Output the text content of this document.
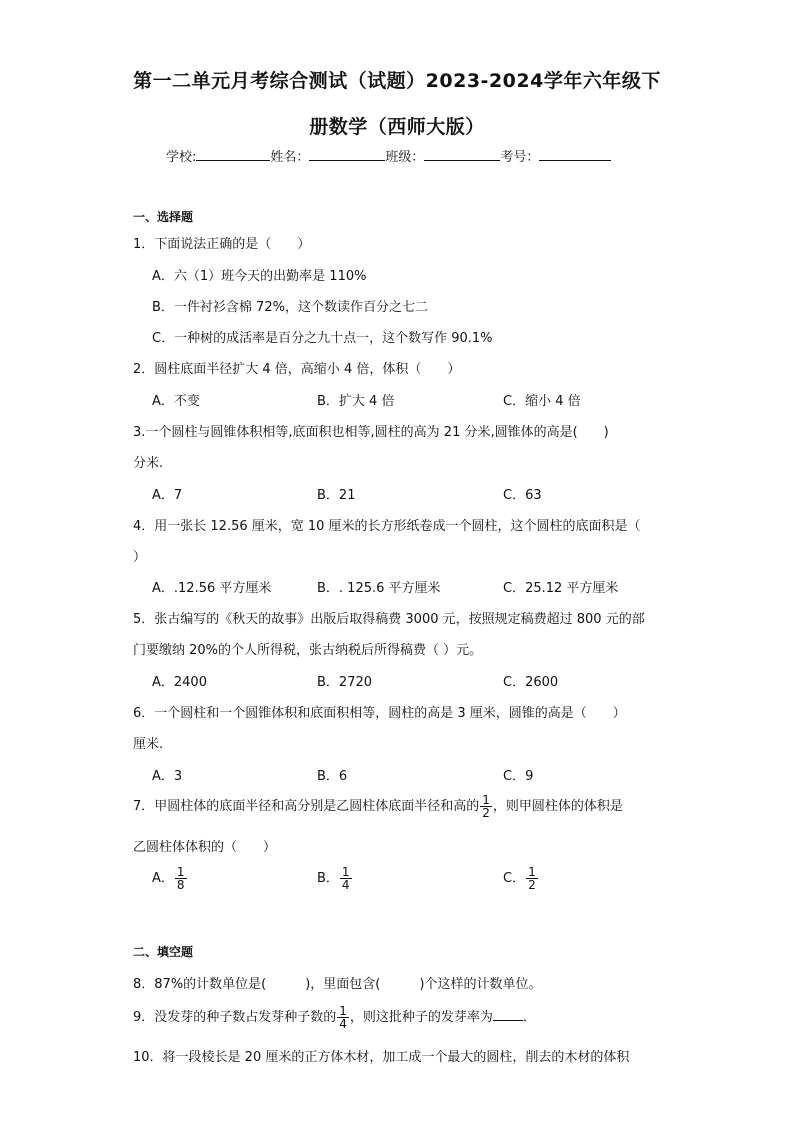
第一二单元月考综合测试（试题）2023-2024学年六年级下
册数学（西师大版）
学校:	姓名：	班级：	考号：
一、选择题
1．下面说法正确的是（　　）
A．六（1）班今天的出勤率是 110%
B．一件衬衫含棉 72%，这个数读作百分之七二
C．一种树的成活率是百分之九十点一，这个数写作 90.1%
2．圆柱底面半径扩大 4 倍，高缩小 4 倍，体积（　　）
A．不变	B．扩大 4 倍	C．缩小 4 倍
3.一个圆柱与圆锥体积相等,底面积也相等,圆柱的高为 21 分米,圆锥体的高是(　　)
分米.
A．7	B．21	C．63
4．用一张长 12.56 厘米，宽 10 厘米的长方形纸卷成一个圆柱，这个圆柱的底面积是（
）
A．.12.56 平方厘米	B．. 125.6 平方厘米	C．25.12 平方厘米
5．张古编写的《秋天的故事》出版后取得稿费 3000 元，按照规定稿费超过 800 元的部
门要缴纳 20%的个人所得税，张古纳税后所得稿费（ ）元。
A．2400	B．2720	C．2600
6．一个圆柱和一个圆锥体积和底面积相等，圆柱的高是 3 厘米，圆锥的高是（　　）
厘米.
A．3	B．6	C．9
7．甲圆柱体的底面半径和高分别是乙圆柱体底面半径和高的 $\frac{1}{2}$ ，则甲圆柱体的体积是
乙圆柱体体积的（　　）
A． $\frac{1}{8}$	B． $\frac{1}{4}$	C． $\frac{1}{2}$
二、填空题
8．87%的计数单位是(　　　)，里面包含(　　　)个这样的计数单位。
9．没发芽的种子数占发芽种子数的 $\frac{1}{4}$ ，则这批种子的发芽率为 ．
10．将一段棱长是 20 厘米的正方体木材，加工成一个最大的圆柱，削去的木材的体积
